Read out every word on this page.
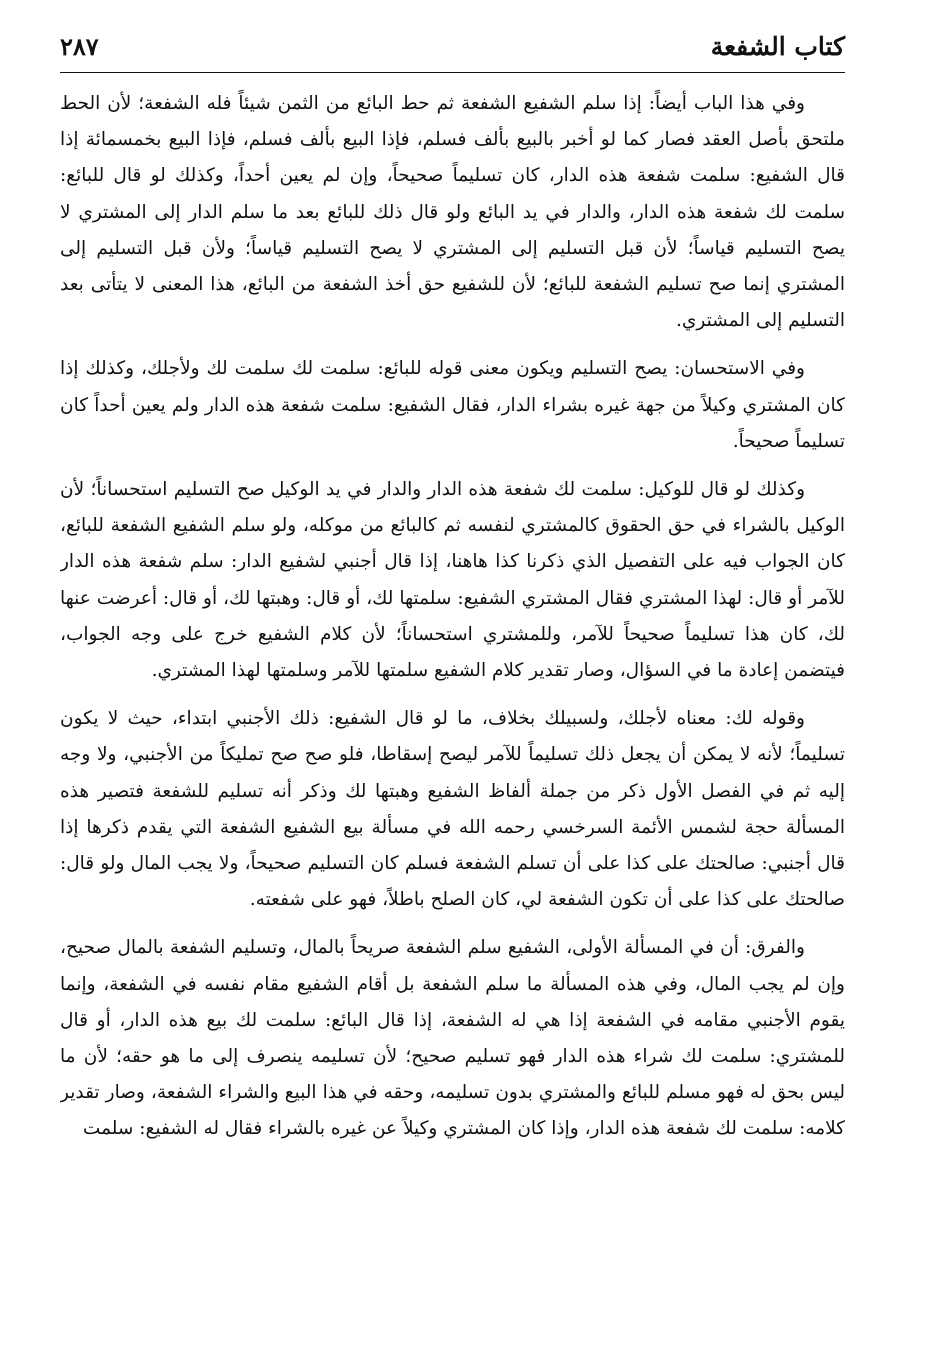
كتاب الشفعة
٢٨٧

وفي هذا الباب أيضاً: إذا سلم الشفيع الشفعة ثم حط البائع من الثمن شيئاً فله الشفعة؛ لأن الحط ملتحق بأصل العقد فصار كما لو أخبر بالبيع بألف فسلم، فإذا البيع بألف فسلم، فإذا البيع بخمسمائة إذا قال الشفيع: سلمت شفعة هذه الدار، كان تسليماً صحيحاً، وإن لم يعين أحداً، وكذلك لو قال للبائع: سلمت لك شفعة هذه الدار، والدار في يد البائع ولو قال ذلك للبائع بعد ما سلم الدار إلى المشتري لا يصح التسليم قياساً؛ لأن قبل التسليم إلى المشتري لا يصح التسليم قياساً؛ ولأن قبل التسليم إلى المشتري إنما صح تسليم الشفعة للبائع؛ لأن للشفيع حق أخذ الشفعة من البائع، هذا المعنى لا يتأتى بعد التسليم إلى المشتري.

وفي الاستحسان: يصح التسليم ويكون معنى قوله للبائع: سلمت لك سلمت لك ولأجلك، وكذلك إذا كان المشتري وكيلاً من جهة غيره بشراء الدار، فقال الشفيع: سلمت شفعة هذه الدار ولم يعين أحداً كان تسليماً صحيحاً.

وكذلك لو قال للوكيل: سلمت لك شفعة هذه الدار والدار في يد الوكيل صح التسليم استحساناً؛ لأن الوكيل بالشراء في حق الحقوق كالمشتري لنفسه ثم كالبائع من موكله، ولو سلم الشفيع الشفعة للبائع، كان الجواب فيه على التفصيل الذي ذكرنا كذا هاهنا، إذا قال أجنبي لشفيع الدار: سلم شفعة هذه الدار للآمر أو قال: لهذا المشتري فقال المشتري الشفيع: سلمتها لك، أو قال: وهبتها لك، أو قال: أعرضت عنها لك، كان هذا تسليماً صحيحاً للآمر، وللمشتري استحساناً؛ لأن كلام الشفيع خرج على وجه الجواب، فيتضمن إعادة ما في السؤال، وصار تقدير كلام الشفيع سلمتها للآمر وسلمتها لهذا المشتري.

وقوله لك: معناه لأجلك، ولسبيلك بخلاف، ما لو قال الشفيع: ذلك الأجنبي ابتداء، حيث لا يكون تسليماً؛ لأنه لا يمكن أن يجعل ذلك تسليماً للآمر ليصح إسقاطا، فلو صح صح تمليكاً من الأجنبي، ولا وجه إليه ثم في الفصل الأول ذكر من جملة ألفاظ الشفيع وهبتها لك وذكر أنه تسليم للشفعة فتصير هذه المسألة حجة لشمس الأئمة السرخسي رحمه الله في مسألة بيع الشفيع الشفعة التي يقدم ذكرها إذا قال أجنبي: صالحتك على كذا على أن تسلم الشفعة فسلم كان التسليم صحيحاً، ولا يجب المال ولو قال: صالحتك على كذا على أن تكون الشفعة لي، كان الصلح باطلاً، فهو على شفعته.

والفرق: أن في المسألة الأولى، الشفيع سلم الشفعة صريحاً بالمال، وتسليم الشفعة بالمال صحيح، وإن لم يجب المال، وفي هذه المسألة ما سلم الشفعة بل أقام الشفيع مقام نفسه في الشفعة، وإنما يقوم الأجنبي مقامه في الشفعة إذا هي له الشفعة، إذا قال البائع: سلمت لك بيع هذه الدار، أو قال للمشتري: سلمت لك شراء هذه الدار فهو تسليم صحيح؛ لأن تسليمه ينصرف إلى ما هو حقه؛ لأن ما ليس بحق له فهو مسلم للبائع والمشتري بدون تسليمه، وحقه في هذا البيع والشراء الشفعة، وصار تقدير كلامه: سلمت لك شفعة هذه الدار، وإذا كان المشتري وكيلاً عن غيره بالشراء فقال له الشفيع: سلمت
